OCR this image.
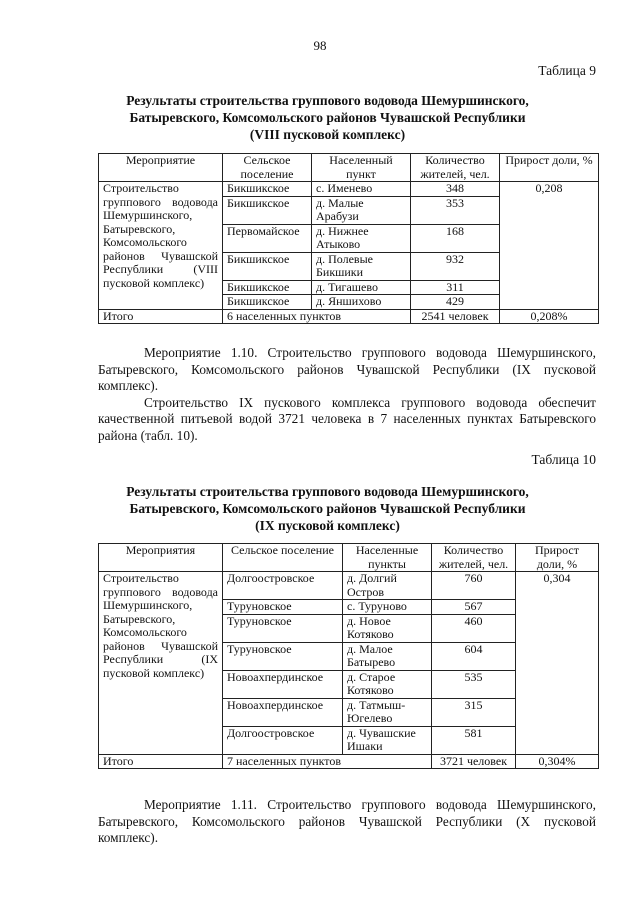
98
Таблица 9
Результаты строительства группового водовода Шемуршинского,
Батыревского, Комсомольского районов Чувашской Республики
(VIII пусковой комплекс)
Мероприятие	Сельское поселение	Населенный пункт	Количество жителей, чел.	Прирост доли, %
Строительство группового водовода Шемуршинского, Батыревского, Комсомольского районов Чувашской Республики (VIII пусковой комплекс)	Бикшикское	с. Именево	348	0,208
	Бикшикское	д. Малые Арабузи	353	
	Первомайское	д. Нижнее Атыково	168	
	Бикшикское	д. Полевые Бикшики	932	
	Бикшикское	д. Тигашево	311	
	Бикшикское	д. Яншихово	429	
Итого	6 населенных пунктов		2541 человек	0,208%

Мероприятие 1.10. Строительство группового водовода Шемуршинского, Батыревского, Комсомольского районов Чувашской Республики (IX пусковой комплекс).

Строительство IX пускового комплекса группового водовода обеспечит качественной питьевой водой 3721 человека в 7 населенных пунктах Батыревского района (табл. 10).

Таблица 10
Результаты строительства группового водовода Шемуршинского,
Батыревского, Комсомольского районов Чувашской Республики
(IX пусковой комплекс)
Мероприятия	Сельское поселение	Населенные пункты	Количество жителей, чел.	Прирост доли, %
Строительство группового водовода Шемуршинского, Батыревского, Комсомольского районов Чувашской Республики (IX пусковой комплекс)	Долгоостровское	д. Долгий Остров	760	0,304
	Туруновское	с. Туруново	567	
	Туруновское	д. Новое Котяково	460	
	Туруновское	д. Малое Батырево	604	
	Новоахпердинское	д. Старое Котяково	535	
	Новоахпердинское	д. Татмыш-Югелево	315	
	Долгоостровское	д. Чувашские Ишаки	581	
Итого	7 населенных пунктов		3721 человек	0,304%

Мероприятие 1.11. Строительство группового водовода Шемуршинского, Батыревского, Комсомольского районов Чувашской Республики (X пусковой комплекс).
